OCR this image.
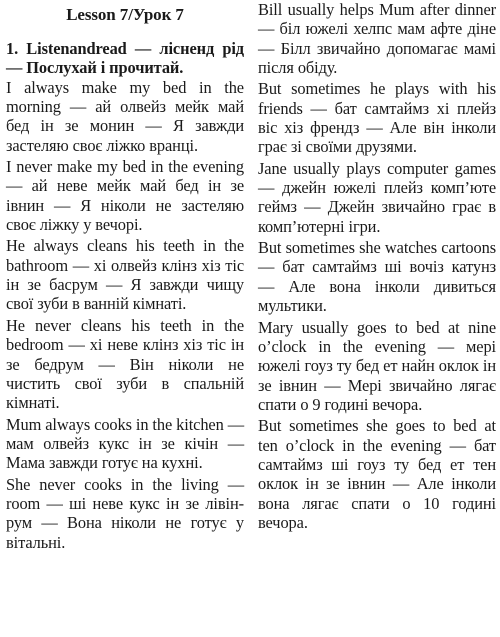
Lesson 7/Урок 7

1. Listenandread — лісненд рід — Послухай і прочитай.

I always make my bed in the morning — ай олвейз мейк май бед ін зе монин — Я завжди застеляю своє ліжко вранці.

I never make my bed in the evening — ай неве мейк май бед ін зе івнин — Я ніколи не застеляю своє ліжку у вечорі.

He always cleans his teeth in the bathroom — хі олвейз клінз хіз тіс ін зе басрум — Я завжди чищу свої зуби в ванній кімнаті.

He never cleans his teeth in the bedroom — хі неве клінз хіз тіс ін зе бедрум — Він ніколи не чистить свої зуби в спальній кімнаті.

Mum always cooks in the kitchen — мам олвейз кукс ін зе кічін — Мама завжди готує на кухні.

She never cooks in the living — room — ші неве кукс ін зе лівін-рум — Вона ніколи не готує у вітальні.

Bill usually helps Mum after dinner — біл южелі хелпс мам афте діне — Білл звичайно допомагає мамі після обіду.

But sometimes he plays with his friends — бат самтаймз хі плейз віс хіз френдз — Але він інколи грає зі своїми друзями.

Jane usually plays computer games — джейн южелі плейз комп’юте геймз — Джейн звичайно грає в комп’ютерні ігри.

But sometimes she watches cartoons — бат самтаймз ші вочіз катунз — Але вона інколи дивиться мультики.

Mary usually goes to bed at nine o’clock in the evening — мері южелі гоуз ту бед ет найн оклок ін зе івнин — Мері звичайно лягає спати о 9 годині вечора.

But sometimes she goes to bed at ten o’clock in the evening — бат самтаймз ші гоуз ту бед ет тен оклок ін зе івнин — Але інколи вона лягає спати о 10 годині вечора.
